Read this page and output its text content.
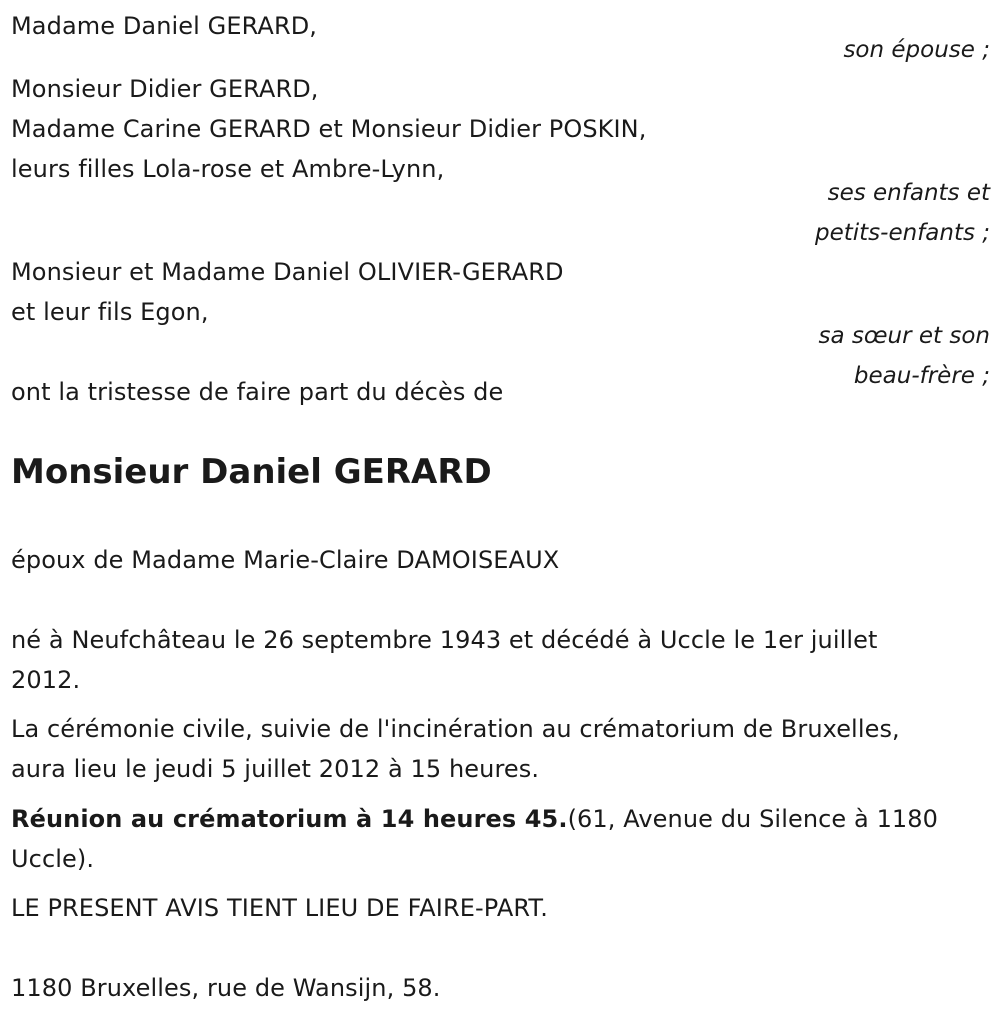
Madame Daniel GERARD,
son épouse ;
Monsieur Didier GERARD,
Madame Carine GERARD et Monsieur Didier POSKIN,
leurs filles Lola-rose et Ambre-Lynn,
ses enfants et
petits-enfants ;
Monsieur et Madame Daniel OLIVIER-GERARD
et leur fils Egon,
sa sœur et son
beau-frère ;
ont la tristesse de faire part du décès de
Monsieur Daniel GERARD
époux de Madame Marie-Claire DAMOISEAUX
né à Neufchâteau le 26 septembre 1943 et décédé à Uccle le 1er juillet
2012.
La cérémonie civile, suivie de l'incinération au crématorium de Bruxelles,
aura lieu le jeudi 5 juillet 2012 à 15 heures.
Réunion au crématorium à 14 heures 45.(61, Avenue du Silence à 1180
Uccle).
LE PRESENT AVIS TIENT LIEU DE FAIRE-PART.
1180 Bruxelles, rue de Wansijn, 58.
